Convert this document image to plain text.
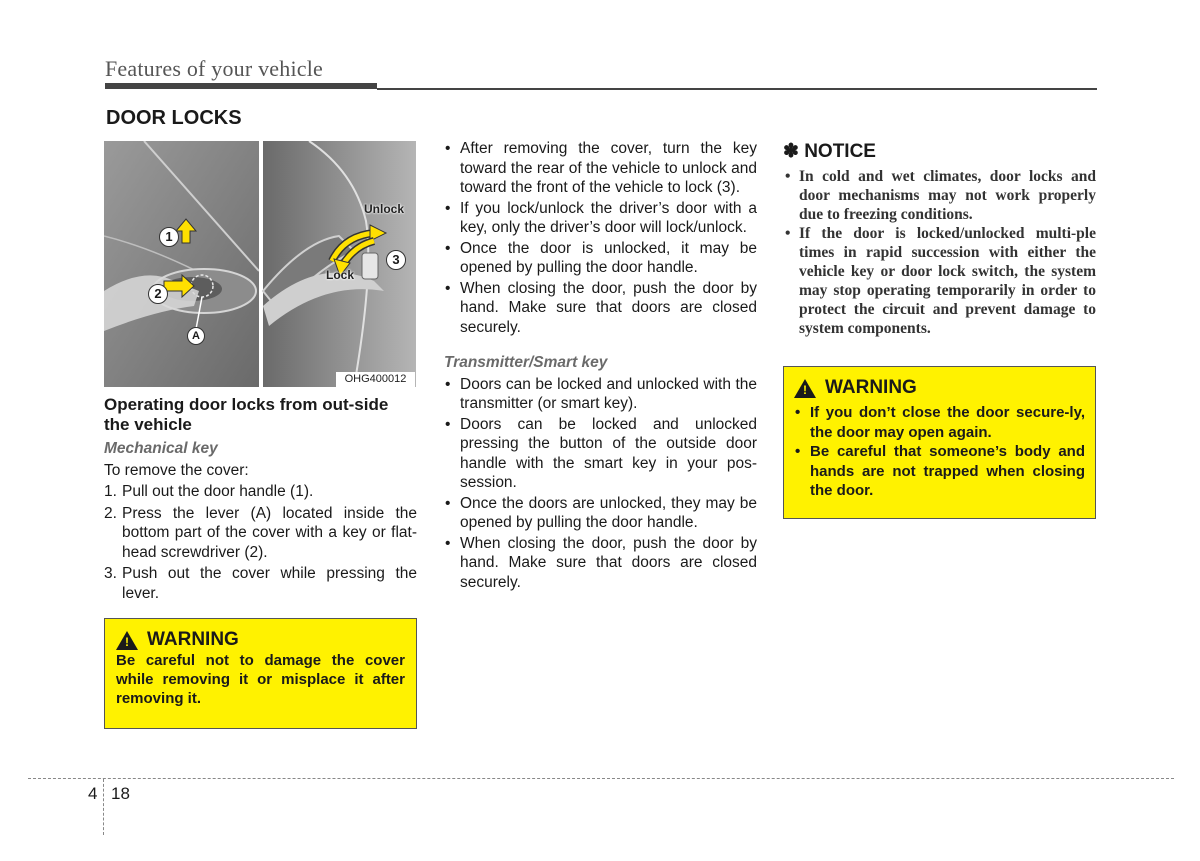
Features of your vehicle
DOOR LOCKS
1
2
A
3
Unlock
Lock
OHG400012
Operating door locks from out-side the vehicle
Mechanical key
To remove the cover:
1. Pull out the door handle (1).
2. Press the lever (A) located inside the bottom part of the cover with a key or flat-head screwdriver (2).
3. Push out the cover while pressing the lever.
! WARNING
Be careful not to damage the cover while removing it or misplace it after removing it.
• After removing the cover, turn the key toward the rear of the vehicle to unlock and toward the front of the vehicle to lock (3).
• If you lock/unlock the driver’s door with a key, only the driver’s door will lock/unlock.
• Once the door is unlocked, it may be opened by pulling the door handle.
• When closing the door, push the door by hand. Make sure that doors are closed securely.
Transmitter/Smart key
• Doors can be locked and unlocked with the transmitter (or smart key).
• Doors can be locked and unlocked pressing the button of the outside door handle with the smart key in your pos-session.
• Once the doors are unlocked, they may be opened by pulling the door handle.
• When closing the door, push the door by hand. Make sure that doors are closed securely.
✽ NOTICE
• In cold and wet climates, door locks and door mechanisms may not work properly due to freezing conditions.
• If the door is locked/unlocked multi-ple times in rapid succession with either the vehicle key or door lock switch, the system may stop operating temporarily in order to protect the circuit and prevent damage to system components.
! WARNING
• If you don’t close the door secure-ly, the door may open again.
• Be careful that someone’s body and hands are not trapped when closing the door.
4 18
